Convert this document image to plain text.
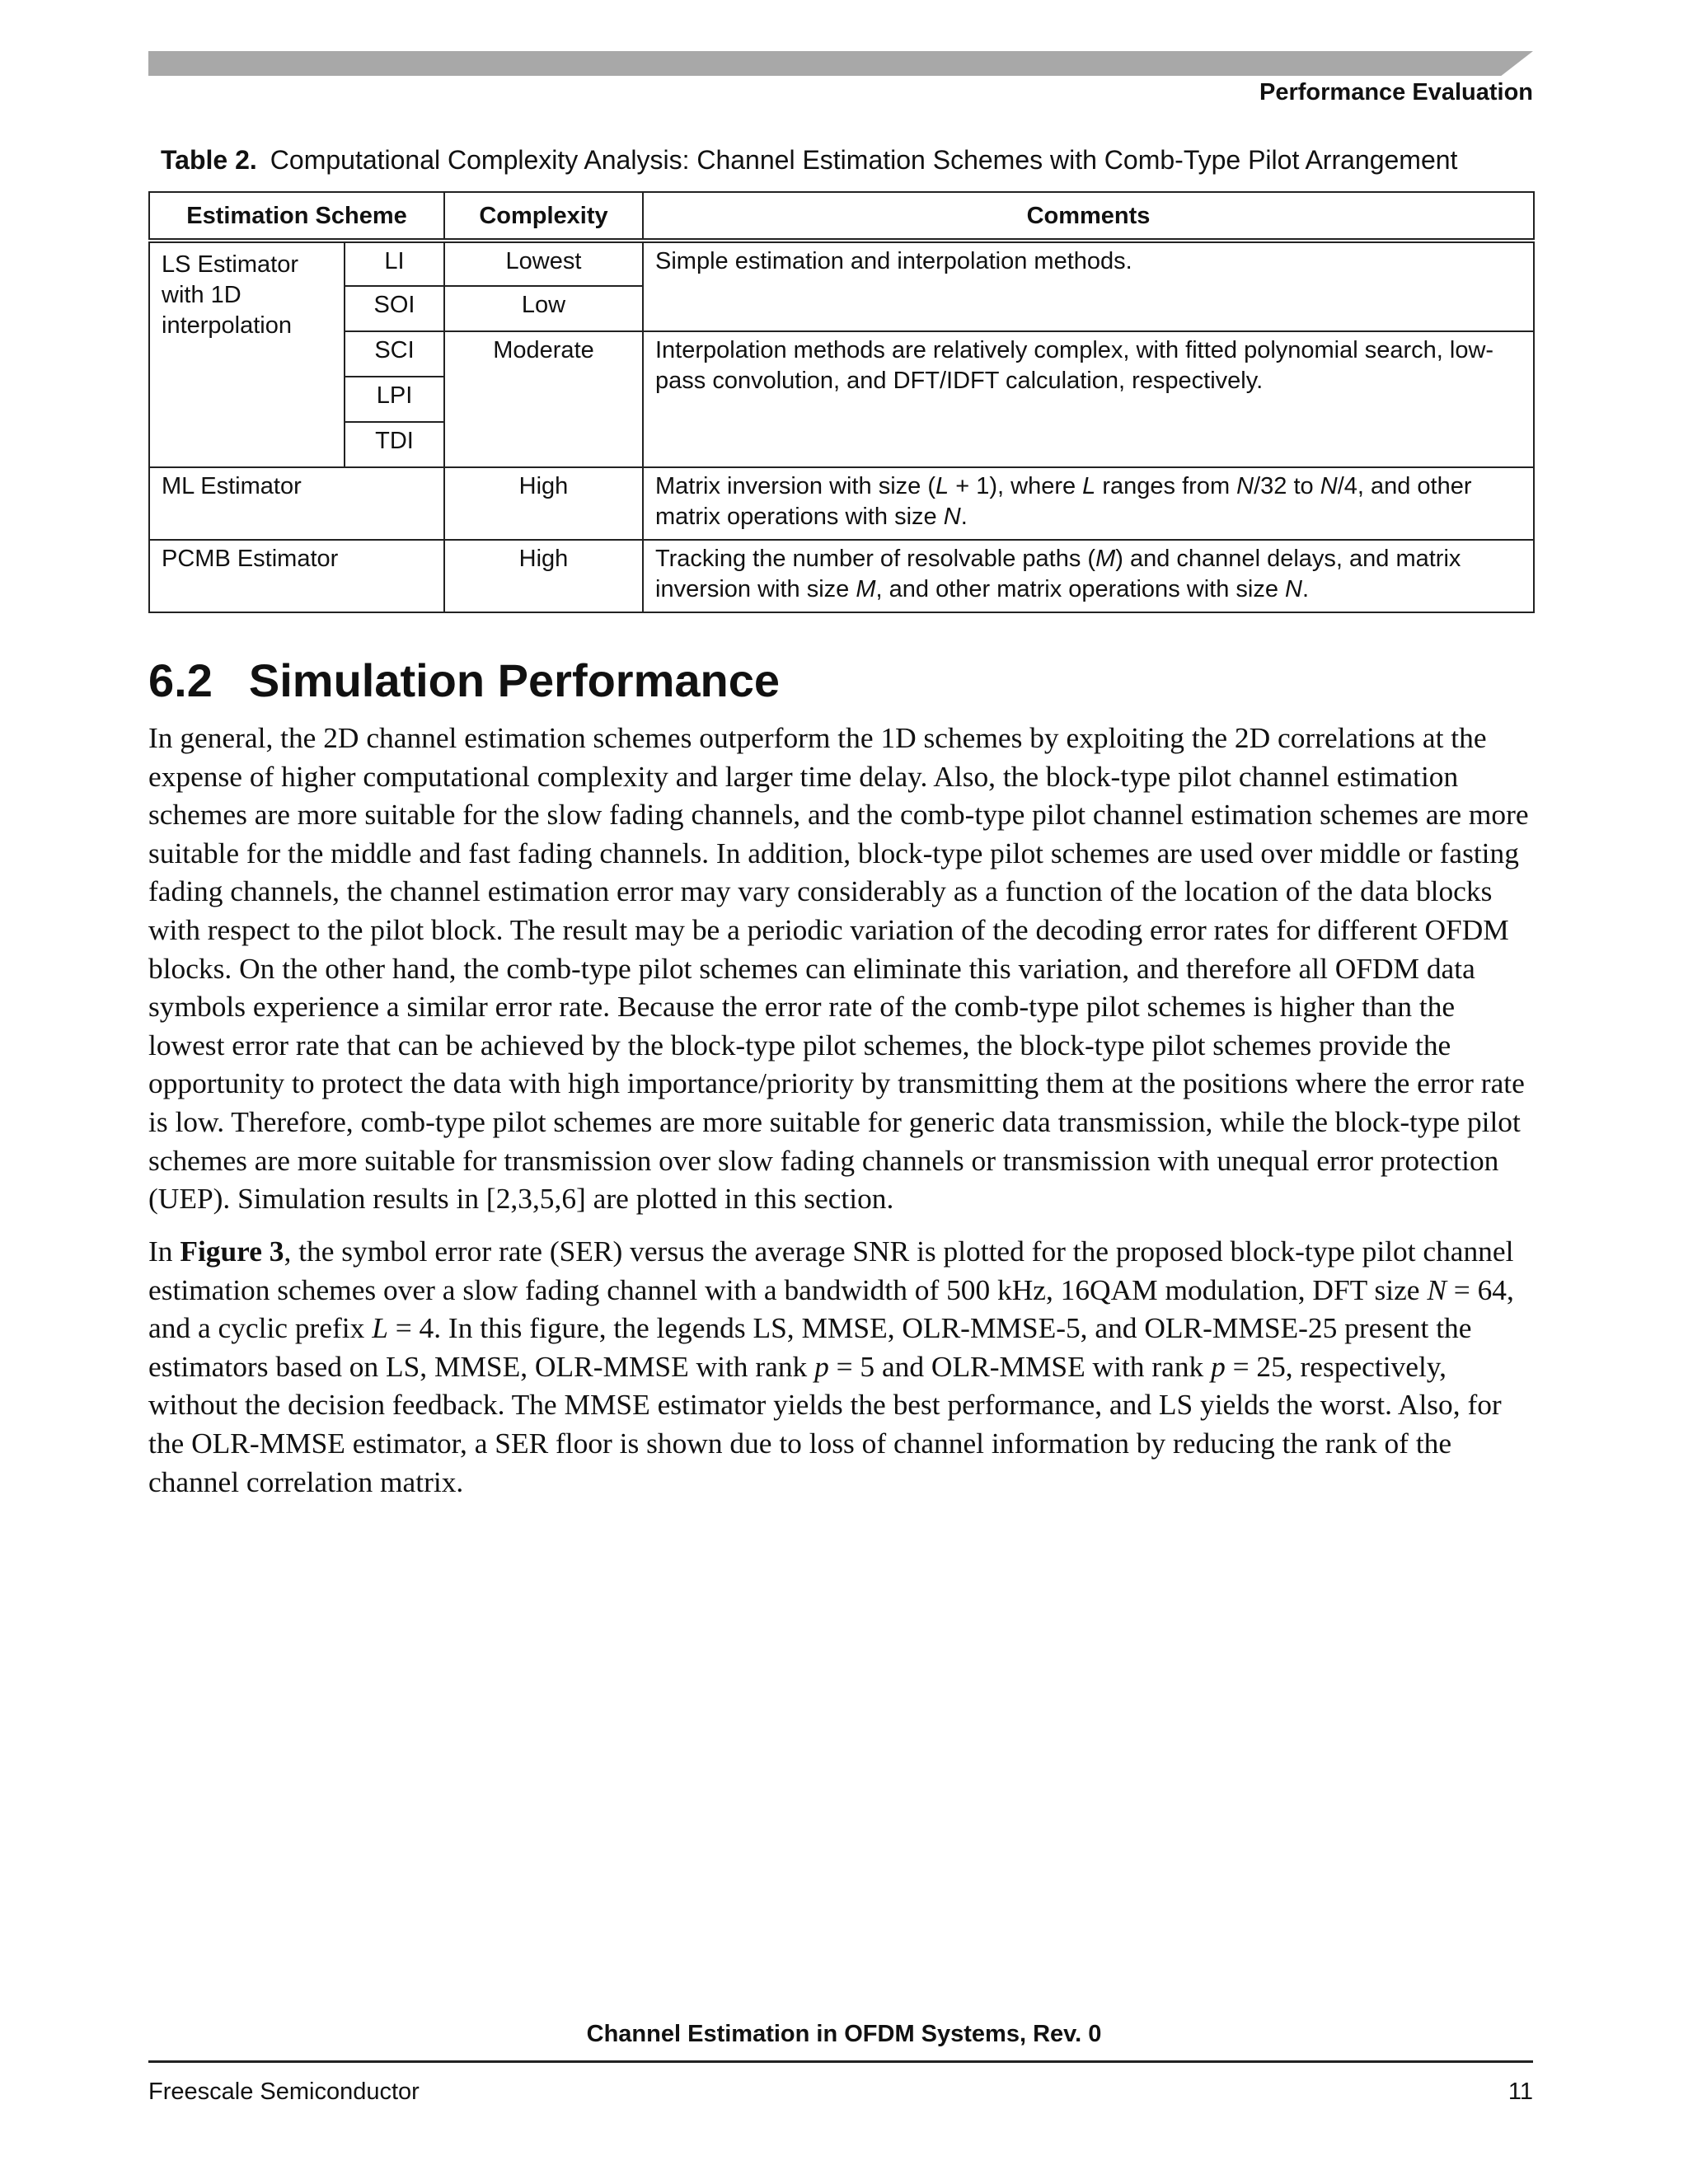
Performance Evaluation
Table 2. Computational Complexity Analysis: Channel Estimation Schemes with Comb-Type Pilot Arrangement
Estimation Scheme		Complexity	Comments
LS Estimator with 1D interpolation	LI	Lowest	Simple estimation and interpolation methods.
	SOI	Low	
	SCI	Moderate	Interpolation methods are relatively complex, with fitted polynomial search, low-pass convolution, and DFT/IDFT calculation, respectively.
	LPI		
	TDI		
ML Estimator		High	Matrix inversion with size (L + 1), where L ranges from N/32 to N/4, and other matrix operations with size N.
PCMB Estimator		High	Tracking the number of resolvable paths (M) and channel delays, and matrix inversion with size M, and other matrix operations with size N.
6.2 Simulation Performance

In general, the 2D channel estimation schemes outperform the 1D schemes by exploiting the 2D correlations at the expense of higher computational complexity and larger time delay. Also, the block-type pilot channel estimation schemes are more suitable for the slow fading channels, and the comb-type pilot channel estimation schemes are more suitable for the middle and fast fading channels. In addition, block-type pilot schemes are used over middle or fasting fading channels, the channel estimation error may vary considerably as a function of the location of the data blocks with respect to the pilot block. The result may be a periodic variation of the decoding error rates for different OFDM blocks. On the other hand, the comb-type pilot schemes can eliminate this variation, and therefore all OFDM data symbols experience a similar error rate. Because the error rate of the comb-type pilot schemes is higher than the lowest error rate that can be achieved by the block-type pilot schemes, the block-type pilot schemes provide the opportunity to protect the data with high importance/priority by transmitting them at the positions where the error rate is low. Therefore, comb-type pilot schemes are more suitable for generic data transmission, while the block-type pilot schemes are more suitable for transmission over slow fading channels or transmission with unequal error protection (UEP). Simulation results in [2,3,5,6] are plotted in this section.

In Figure 3, the symbol error rate (SER) versus the average SNR is plotted for the proposed block-type pilot channel estimation schemes over a slow fading channel with a bandwidth of 500 kHz, 16QAM modulation, DFT size N = 64, and a cyclic prefix L = 4. In this figure, the legends LS, MMSE, OLR-MMSE-5, and OLR-MMSE-25 present the estimators based on LS, MMSE, OLR-MMSE with rank p = 5 and OLR-MMSE with rank p = 25, respectively, without the decision feedback. The MMSE estimator yields the best performance, and LS yields the worst. Also, for the OLR-MMSE estimator, a SER floor is shown due to loss of channel information by reducing the rank of the channel correlation matrix.

Channel Estimation in OFDM Systems, Rev. 0
Freescale Semiconductor	11
